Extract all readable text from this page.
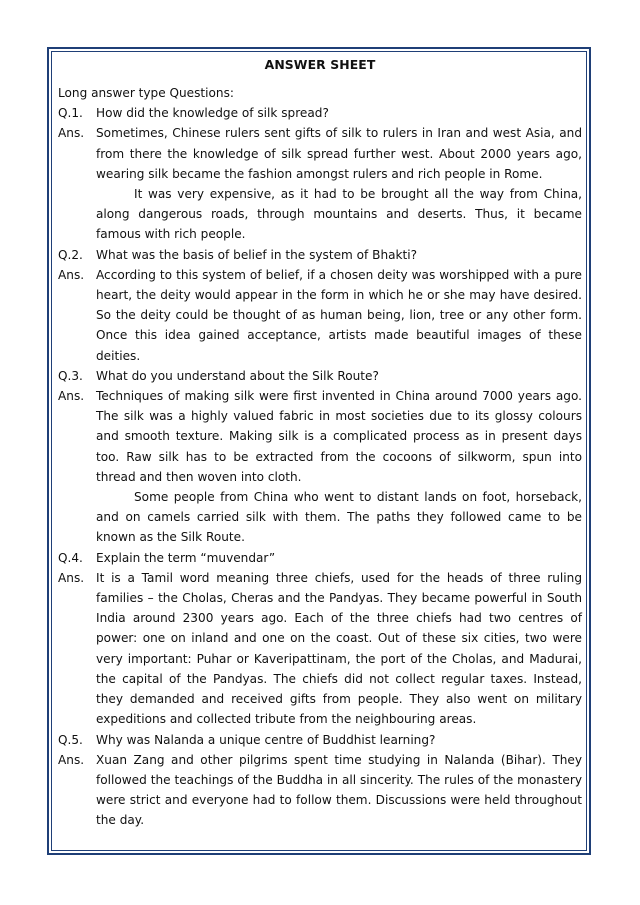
ANSWER SHEET

Long answer type Questions:

Q.1.	How did the knowledge of silk spread?
Ans. Sometimes, Chinese rulers sent gifts of silk to rulers in Iran and west Asia, and from there the knowledge of silk spread further west. About 2000 years ago, wearing silk became the fashion amongst rulers and rich people in Rome.

It was very expensive, as it had to be brought all the way from China, along dangerous roads, through mountains and deserts. Thus, it became famous with rich people.

Q.2.	What was the basis of belief in the system of Bhakti?
Ans. According to this system of belief, if a chosen deity was worshipped with a pure heart, the deity would appear in the form in which he or she may have desired. So the deity could be thought of as human being, lion, tree or any other form. Once this idea gained acceptance, artists made beautiful images of these deities.

Q.3.	What do you understand about the Silk Route?
Ans. Techniques of making silk were first invented in China around 7000 years ago. The silk was a highly valued fabric in most societies due to its glossy colours and smooth texture. Making silk is a complicated process as in present days too. Raw silk has to be extracted from the cocoons of silkworm, spun into thread and then woven into cloth.

Some people from China who went to distant lands on foot, horseback, and on camels carried silk with them. The paths they followed came to be known as the Silk Route.

Q.4.	Explain the term “muvendar”
Ans. It is a Tamil word meaning three chiefs, used for the heads of three ruling families – the Cholas, Cheras and the Pandyas. They became powerful in South India around 2300 years ago. Each of the three chiefs had two centres of power: one on inland and one on the coast. Out of these six cities, two were very important: Puhar or Kaveripattinam, the port of the Cholas, and Madurai, the capital of the Pandyas. The chiefs did not collect regular taxes. Instead, they demanded and received gifts from people. They also went on military expeditions and collected tribute from the neighbouring areas.

Q.5.	Why was Nalanda a unique centre of Buddhist learning?
Ans. Xuan Zang and other pilgrims spent time studying in Nalanda (Bihar). They followed the teachings of the Buddha in all sincerity. The rules of the monastery were strict and everyone had to follow them. Discussions were held throughout the day.
